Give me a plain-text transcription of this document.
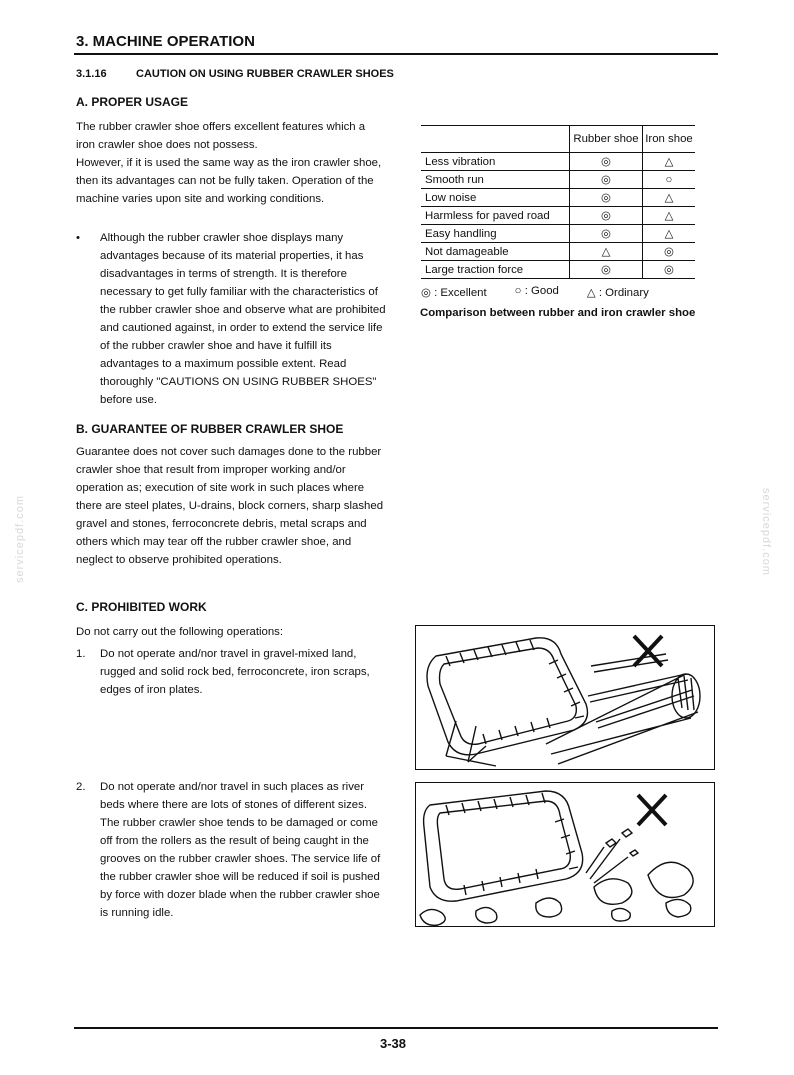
3. MACHINE OPERATION
3.1.16	CAUTION ON USING RUBBER CRAWLER SHOES
A. PROPER USAGE
The rubber crawler shoe offers excellent features which a iron crawler shoe does not possess.
However, if it is used the same way as the iron crawler shoe, then its advantages can not be fully taken. Operation of the machine varies upon site and working conditions.
•	Although the rubber crawler shoe displays many advantages because of its material properties, it has disadvantages in terms of strength. It is therefore necessary to get fully familiar with the characteristics of the rubber crawler shoe and observe what are prohibited and cautioned against, in order to extend the service life of the rubber crawler shoe and have it fulfill its advantages to a maximum possible extent. Read thoroughly "CAUTIONS ON USING RUBBER SHOES" before use.
	Rubber shoe	Iron shoe
Less vibration	◎	△
Smooth run	◎	○
Low noise	◎	△
Harmless for paved road	◎	△
Easy handling	◎	△
Not damageable	△	◎
Large traction force	◎	◎
◎ : Excellent ○ : Good △ : Ordinary
Comparison between rubber and iron crawler shoe
B. GUARANTEE OF RUBBER CRAWLER SHOE
Guarantee does not cover such damages done to the rubber crawler shoe that result from improper working and/or operation as; execution of site work in such places where there are steel plates, U-drains, block corners, sharp slashed gravel and stones, ferroconcrete debris, metal scraps and others which may tear off the rubber crawler shoe, and neglect to observe prohibited operations.
C. PROHIBITED WORK
Do not carry out the following operations:
1.	Do not operate and/nor travel in gravel-mixed land, rugged and solid rock bed, ferroconcrete, iron scraps, edges of iron plates.
2.	Do not operate and/nor travel in such places as river beds where there are lots of stones of different sizes. The rubber crawler shoe tends to be damaged or come off from the rollers as the result of being caught in the grooves on the rubber crawler shoes. The service life of the rubber crawler shoe will be reduced if soil is pushed by force with dozer blade when the rubber crawler shoe is running idle.
servicepdf.com	servicepdf.com
3-38
